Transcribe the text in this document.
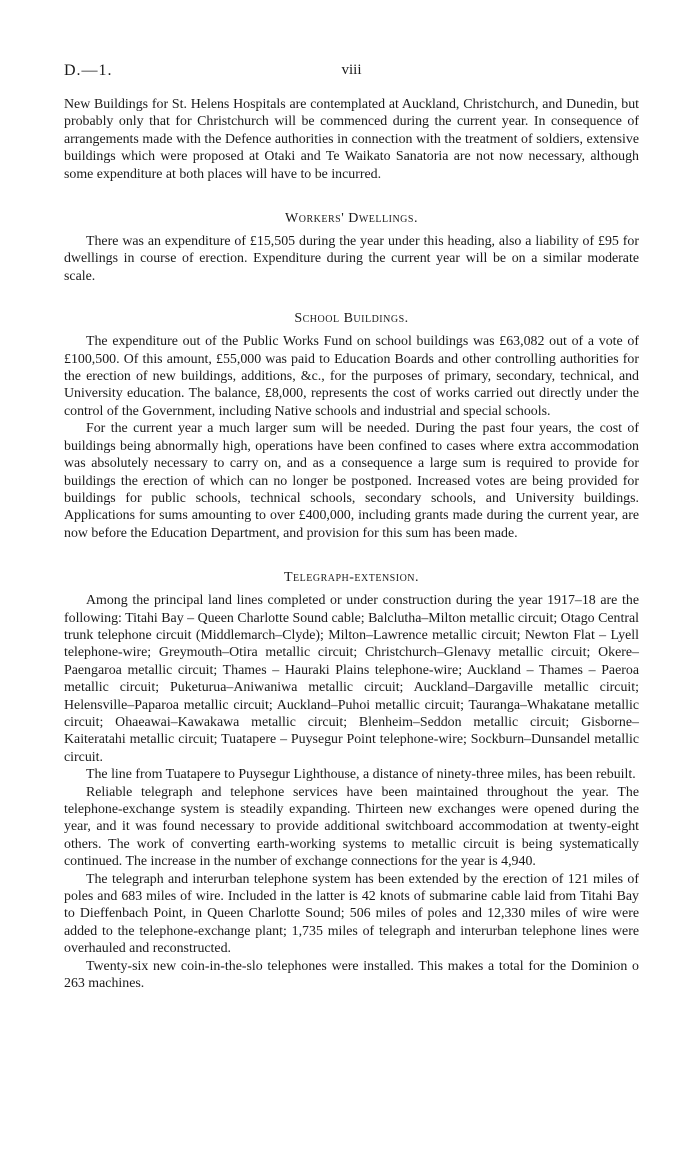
D.—1.	viii

New Buildings for St. Helens Hospitals are contemplated at Auckland, Christchurch, and Dunedin, but probably only that for Christchurch will be commenced during the current year. In consequence of arrangements made with the Defence authorities in connection with the treatment of soldiers, extensive buildings which were proposed at Otaki and Te Waikato Sanatoria are not now necessary, although some expenditure at both places will have to be incurred.

Workers' Dwellings.

There was an expenditure of £15,505 during the year under this heading, also a liability of £95 for dwellings in course of erection. Expenditure during the current year will be on a similar moderate scale.

School Buildings.

The expenditure out of the Public Works Fund on school buildings was £63,082 out of a vote of £100,500. Of this amount, £55,000 was paid to Education Boards and other controlling authorities for the erection of new buildings, additions, &c., for the purposes of primary, secondary, technical, and University education. The balance, £8,000, represents the cost of works carried out directly under the control of the Government, including Native schools and industrial and special schools.

For the current year a much larger sum will be needed. During the past four years, the cost of buildings being abnormally high, operations have been confined to cases where extra accommodation was absolutely necessary to carry on, and as a consequence a large sum is required to provide for buildings the erection of which can no longer be postponed. Increased votes are being provided for buildings for public schools, technical schools, secondary schools, and University buildings. Applications for sums amounting to over £400,000, including grants made during the current year, are now before the Education Department, and provision for this sum has been made.

Telegraph-extension.

Among the principal land lines completed or under construction during the year 1917–18 are the following: Titahi Bay – Queen Charlotte Sound cable; Balclutha–Milton metallic circuit; Otago Central trunk telephone circuit (Middlemarch–Clyde); Milton–Lawrence metallic circuit; Newton Flat – Lyell telephone-wire; Greymouth–Otira metallic circuit; Christchurch–Glenavy metallic circuit; Okere–Paengaroa metallic circuit; Thames – Hauraki Plains telephone-wire; Auckland – Thames – Paeroa metallic circuit; Puketurua–Aniwaniwa metallic circuit; Auckland–Dargaville metallic circuit; Helensville–Paparoa metallic circuit; Auckland–Puhoi metallic circuit; Tauranga–Whakatane metallic circuit; Ohaeawai–Kawakawa metallic circuit; Blenheim–Seddon metallic circuit; Gisborne–Kaiteratahi metallic circuit; Tuatapere – Puysegur Point telephone-wire; Sockburn–Dunsandel metallic circuit.

The line from Tuatapere to Puysegur Lighthouse, a distance of ninety-three miles, has been rebuilt.

Reliable telegraph and telephone services have been maintained throughout the year. The telephone-exchange system is steadily expanding. Thirteen new exchanges were opened during the year, and it was found necessary to provide additional switchboard accommodation at twenty-eight others. The work of converting earth-working systems to metallic circuit is being systematically continued. The increase in the number of exchange connections for the year is 4,940.

The telegraph and interurban telephone system has been extended by the erection of 121 miles of poles and 683 miles of wire. Included in the latter is 42 knots of submarine cable laid from Titahi Bay to Dieffenbach Point, in Queen Charlotte Sound; 506 miles of poles and 12,330 miles of wire were added to the telephone-exchange plant; 1,735 miles of telegraph and interurban telephone lines were overhauled and reconstructed.

Twenty-six new coin-in-the-slo telephones were installed. This makes a total for the Dominion o 263 machines.
